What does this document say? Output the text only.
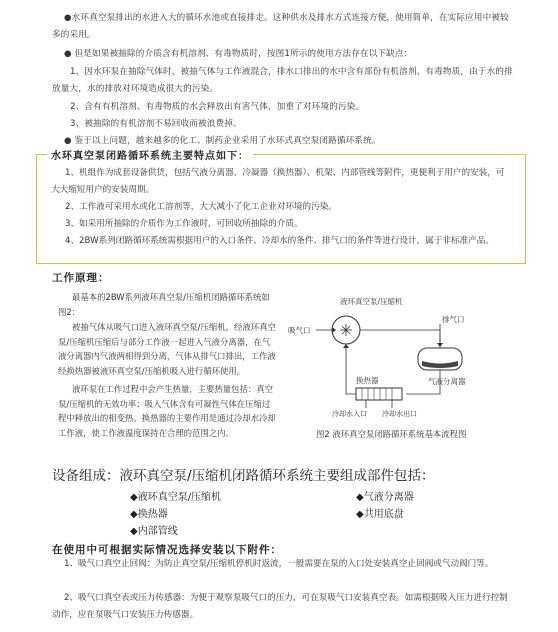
●水环真空泵排出的水进入大的循环水池或直接排走。这种供水及排水方式连接方便，使用简单，在实际应用中被较多的采用。
● 但是如果被抽除的介质含有机溶剂、有毒物质时，按图1所示的使用方法存在以下缺点：
1、因水环泵在抽除气体时，被抽气体与工作液混合，排水口排出的水中含有部份有机溶剂、有毒物质，由于水的排放量大，水的排放对环境造成很大的污染。
2、含有有机溶剂、有毒物质的水会释放出有害气体，加重了对环境的污染。
3、被抽除的有机溶剂不易回收而被浪费掉。
● 鉴于以上问题，越来越多的化工、制药企业采用了水环式真空泵闭路循环系统。
水环真空泵闭路循环系统主要特点如下：
1、机组作为成套设备供货，包括气液分离器、冷凝器（换热器）、机架、内部管线等附件，更便利于用户的安装，可大大缩短用户的安装周期。
2、工作液可采用水或化工溶剂等，大大减小了化工企业对环境的污染。
3、如采用所抽除的介质作为工作液时，可回收所抽除的介质。
4、2BW系列闭路循环系统需根据用户的入口条件、冷却水的条件、排气口的条件等进行设计，属于非标准产品。
工作原理：
最基本的2BW系列液环真空泵/压缩机闭路循环系统如图2：
被抽气体从吸气口进入液环真空泵/压缩机，经液环真空泵/压缩机压缩后与部分工作液一起进入气液分离器，在气液分离器内气液两相得到分离，气体从排气口排出，工作液经换热器被液环真空泵/压缩机吸入进行循环使用。
液环泵在工作过程中会产生热量，主要热量包括：真空泵/压缩机的无效功率；吸入气体含有可凝性气体在压缩过程中释放出的相变热。换热器的主要作用是通过冷却水冷却工作液，使工作液温度保持在合理的范围之内。
液环真空泵/压缩机
吸气口
气液分离器
排气口
换热器
冷却水入口 冷却水出口
图2 液环真空泵闭路循环系统基本流程图
设备组成：液环真空泵/压缩机闭路循环系统主要组成部件包括：
◆液环真空泵/压缩机	◆气液分离器
◆换热器	◆共用底盘
◆内部管线
在使用中可根据实际情况选择安装以下附件：
1、吸气口真空止回阀：为防止真空泵/压缩机停机时返流，一般需要在泵的入口处安装真空止回阀或气动阀门等。
2、吸气口真空表或压力传感器：为便于观察泵吸气口的压力，可在泵吸气口安装真空表。如需根据吸入压力进行控制动作，应在泵吸气口安装压力传感器。
